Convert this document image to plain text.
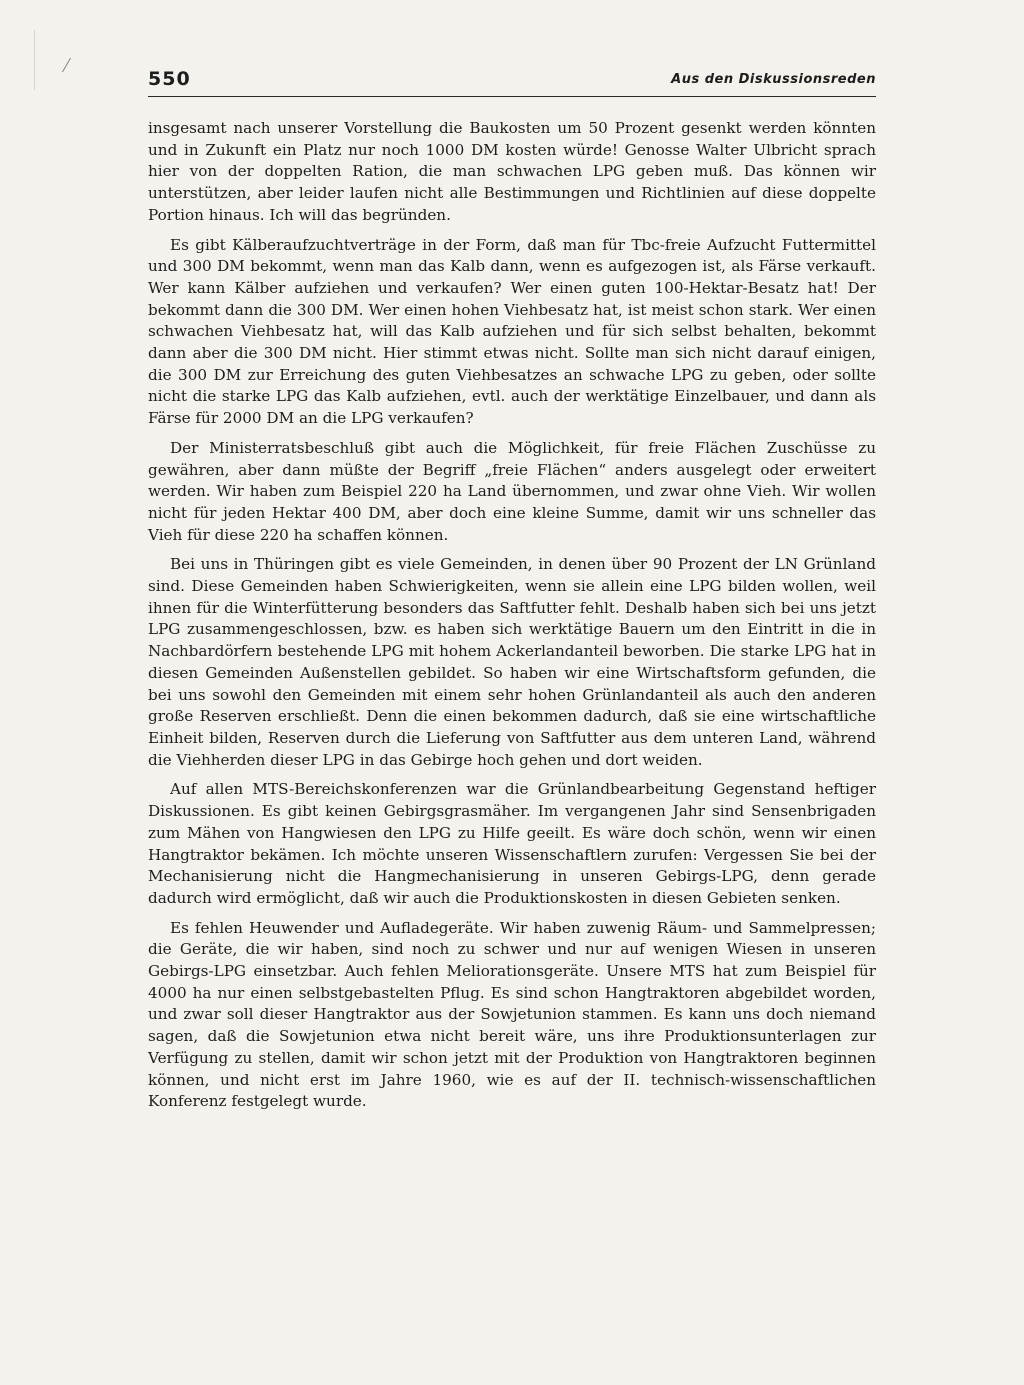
550	Aus den Diskussionsreden

insgesamt nach unserer Vorstellung die Baukosten um 50 Prozent gesenkt werden könnten und in Zukunft ein Platz nur noch 1000 DM kosten würde! Genosse Walter Ulbricht sprach hier von der doppelten Ration, die man schwachen LPG geben muß. Das können wir unterstützen, aber leider laufen nicht alle Bestimmungen und Richtlinien auf diese doppelte Portion hinaus. Ich will das begründen.

Es gibt Kälberaufzuchtverträge in der Form, daß man für Tbc-freie Aufzucht Futtermittel und 300 DM bekommt, wenn man das Kalb dann, wenn es aufgezogen ist, als Färse verkauft. Wer kann Kälber aufziehen und verkaufen? Wer einen guten 100-Hektar-Besatz hat! Der bekommt dann die 300 DM. Wer einen hohen Viehbesatz hat, ist meist schon stark. Wer einen schwachen Viehbesatz hat, will das Kalb aufziehen und für sich selbst behalten, bekommt dann aber die 300 DM nicht. Hier stimmt etwas nicht. Sollte man sich nicht darauf einigen, die 300 DM zur Erreichung des guten Viehbesatzes an schwache LPG zu geben, oder sollte nicht die starke LPG das Kalb aufziehen, evtl. auch der werktätige Einzelbauer, und dann als Färse für 2000 DM an die LPG verkaufen?

Der Ministerratsbeschluß gibt auch die Möglichkeit, für freie Flächen Zuschüsse zu gewähren, aber dann müßte der Begriff „freie Flächen“ anders ausgelegt oder erweitert werden. Wir haben zum Beispiel 220 ha Land übernommen, und zwar ohne Vieh. Wir wollen nicht für jeden Hektar 400 DM, aber doch eine kleine Summe, damit wir uns schneller das Vieh für diese 220 ha schaffen können.

Bei uns in Thüringen gibt es viele Gemeinden, in denen über 90 Prozent der LN Grünland sind. Diese Gemeinden haben Schwierigkeiten, wenn sie allein eine LPG bilden wollen, weil ihnen für die Winterfütterung besonders das Saftfutter fehlt. Deshalb haben sich bei uns jetzt LPG zusammengeschlossen, bzw. es haben sich werktätige Bauern um den Eintritt in die in Nachbardörfern bestehende LPG mit hohem Ackerlandanteil beworben. Die starke LPG hat in diesen Gemeinden Außenstellen gebildet. So haben wir eine Wirtschaftsform gefunden, die bei uns sowohl den Gemeinden mit einem sehr hohen Grünlandanteil als auch den anderen große Reserven erschließt. Denn die einen bekommen dadurch, daß sie eine wirtschaftliche Einheit bilden, Reserven durch die Lieferung von Saftfutter aus dem unteren Land, während die Viehherden dieser LPG in das Gebirge hoch gehen und dort weiden.

Auf allen MTS-Bereichskonferenzen war die Grünlandbearbeitung Gegenstand heftiger Diskussionen. Es gibt keinen Gebirgsgrasmäher. Im vergangenen Jahr sind Sensenbrigaden zum Mähen von Hangwiesen den LPG zu Hilfe geeilt. Es wäre doch schön, wenn wir einen Hangtraktor bekämen. Ich möchte unseren Wissenschaftlern zurufen: Vergessen Sie bei der Mechanisierung nicht die Hangmechanisierung in unseren Gebirgs-LPG, denn gerade dadurch wird ermöglicht, daß wir auch die Produktionskosten in diesen Gebieten senken.

Es fehlen Heuwender und Aufladegeräte. Wir haben zuwenig Räum- und Sammelpressen; die Geräte, die wir haben, sind noch zu schwer und nur auf wenigen Wiesen in unseren Gebirgs-LPG einsetzbar. Auch fehlen Meliorationsgeräte. Unsere MTS hat zum Beispiel für 4000 ha nur einen selbstgebastelten Pflug. Es sind schon Hangtraktoren abgebildet worden, und zwar soll dieser Hangtraktor aus der Sowjetunion stammen. Es kann uns doch niemand sagen, daß die Sowjetunion etwa nicht bereit wäre, uns ihre Produktionsunterlagen zur Verfügung zu stellen, damit wir schon jetzt mit der Produktion von Hangtraktoren beginnen können, und nicht erst im Jahre 1960, wie es auf der II. technisch-wissenschaftlichen Konferenz festgelegt wurde.
